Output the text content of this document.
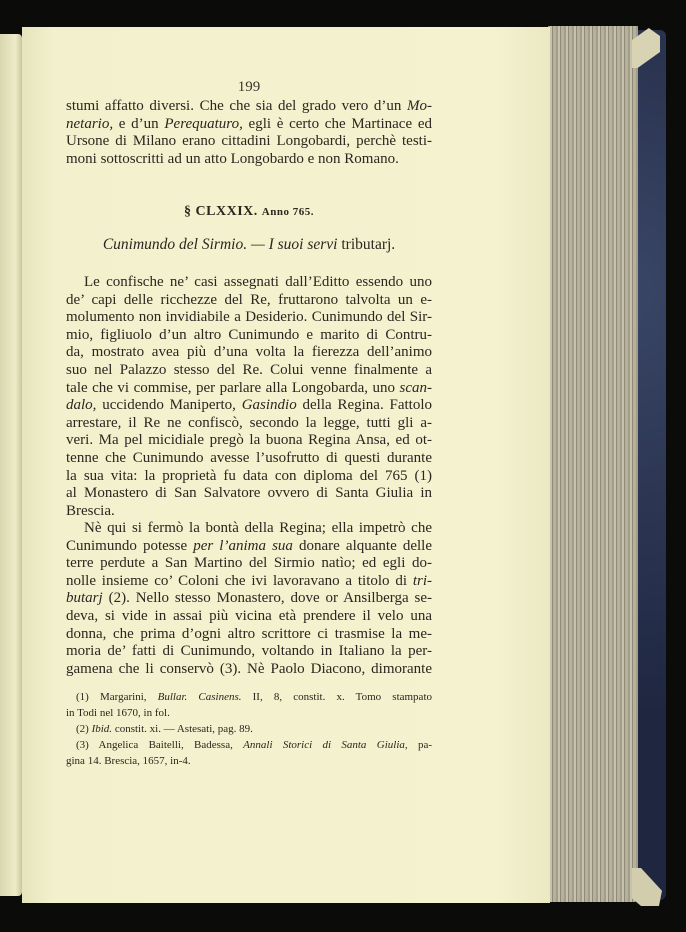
199
stumi affatto diversi. Che che sia del grado vero d’un Mo-
netario, e d’un Perequaturo, egli è certo che Martinace ed
Ursone di Milano erano cittadini Longobardi, perchè testi-
moni sottoscritti ad un atto Longobardo e non Romano.
§ CLXXIX. Anno 765.
Cunimundo del Sirmio. — I suoi servi tributarj.
Le confische ne’ casi assegnati dall’Editto essendo uno
de’ capi delle ricchezze del Re, fruttarono talvolta un e-
molumento non invidiabile a Desiderio. Cunimundo del Sir-
mio, figliuolo d’un altro Cunimundo e marito di Contru-
da, mostrato avea più d’una volta la fierezza dell’animo
suo nel Palazzo stesso del Re. Colui venne finalmente a
tale che vi commise, per parlare alla Longobarda, uno scan-
dalo, uccidendo Maniperto, Gasindio della Regina. Fattolo
arrestare, il Re ne confiscò, secondo la legge, tutti gli a-
veri. Ma pel micidiale pregò la buona Regina Ansa, ed ot-
tenne che Cunimundo avesse l’usofrutto di questi durante
la sua vita: la proprietà fu data con diploma del 765 (1)
al Monastero di San Salvatore ovvero di Santa Giulia in
Brescia.
Nè qui si fermò la bontà della Regina; ella impetrò che
Cunimundo potesse per l’anima sua donare alquante delle
terre perdute a San Martino del Sirmio natìo; ed egli do-
nolle insieme co’ Coloni che ivi lavoravano a titolo di tri-
butarj (2). Nello stesso Monastero, dove or Ansilberga se-
deva, si vide in assai più vicina età prendere il velo una
donna, che prima d’ogni altro scrittore ci trasmise la me-
moria de’ fatti di Cunimundo, voltando in Italiano la per-
gamena che li conservò (3). Nè Paolo Diacono, dimorante
(1) Margarini, Bullar. Casinens. II, 8, constit. x. Tomo stampato
in Todi nel 1670, in fol.
(2) Ibid. constit. xi. — Astesati, pag. 89.
(3) Angelica Baitelli, Badessa, Annali Storici di Santa Giulia, pa-
gina 14. Brescia, 1657, in-4.
